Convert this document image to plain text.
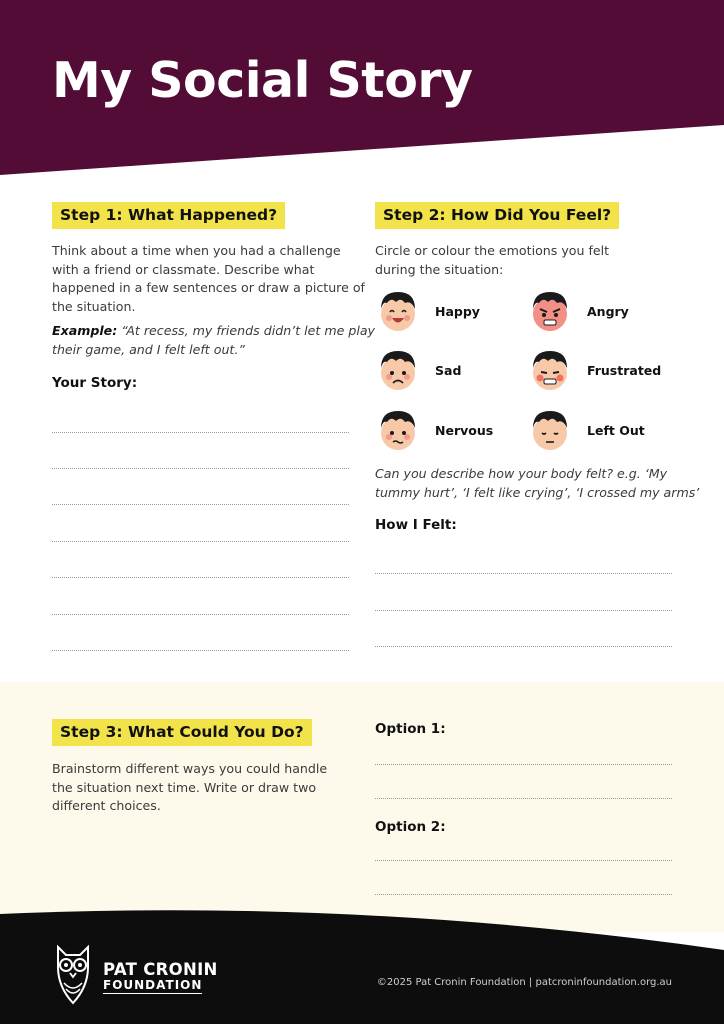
My Social Story
Step 1: What Happened?

Think about a time when you had a challenge
with a friend or classmate. Describe what
happened in a few sentences or draw a picture of
the situation.

Example: “At recess, my friends didn’t let me play
their game, and I felt left out.”

Your Story:

Step 2: How Did You Feel?

Circle or colour the emotions you felt
during the situation:

Happy	Angry
Sad	Frustrated
Nervous	Left Out

Can you describe how your body felt? e.g. ‘My
tummy hurt’, ‘I felt like crying’, ‘I crossed my arms’

How I Felt:

Step 3: What Could You Do?

Brainstorm different ways you could handle
the situation next time. Write or draw two
different choices.

Option 1:

Option 2:

PAT CRONIN
FOUNDATION	©2025 Pat Cronin Foundation | patcroninfoundation.org.au
